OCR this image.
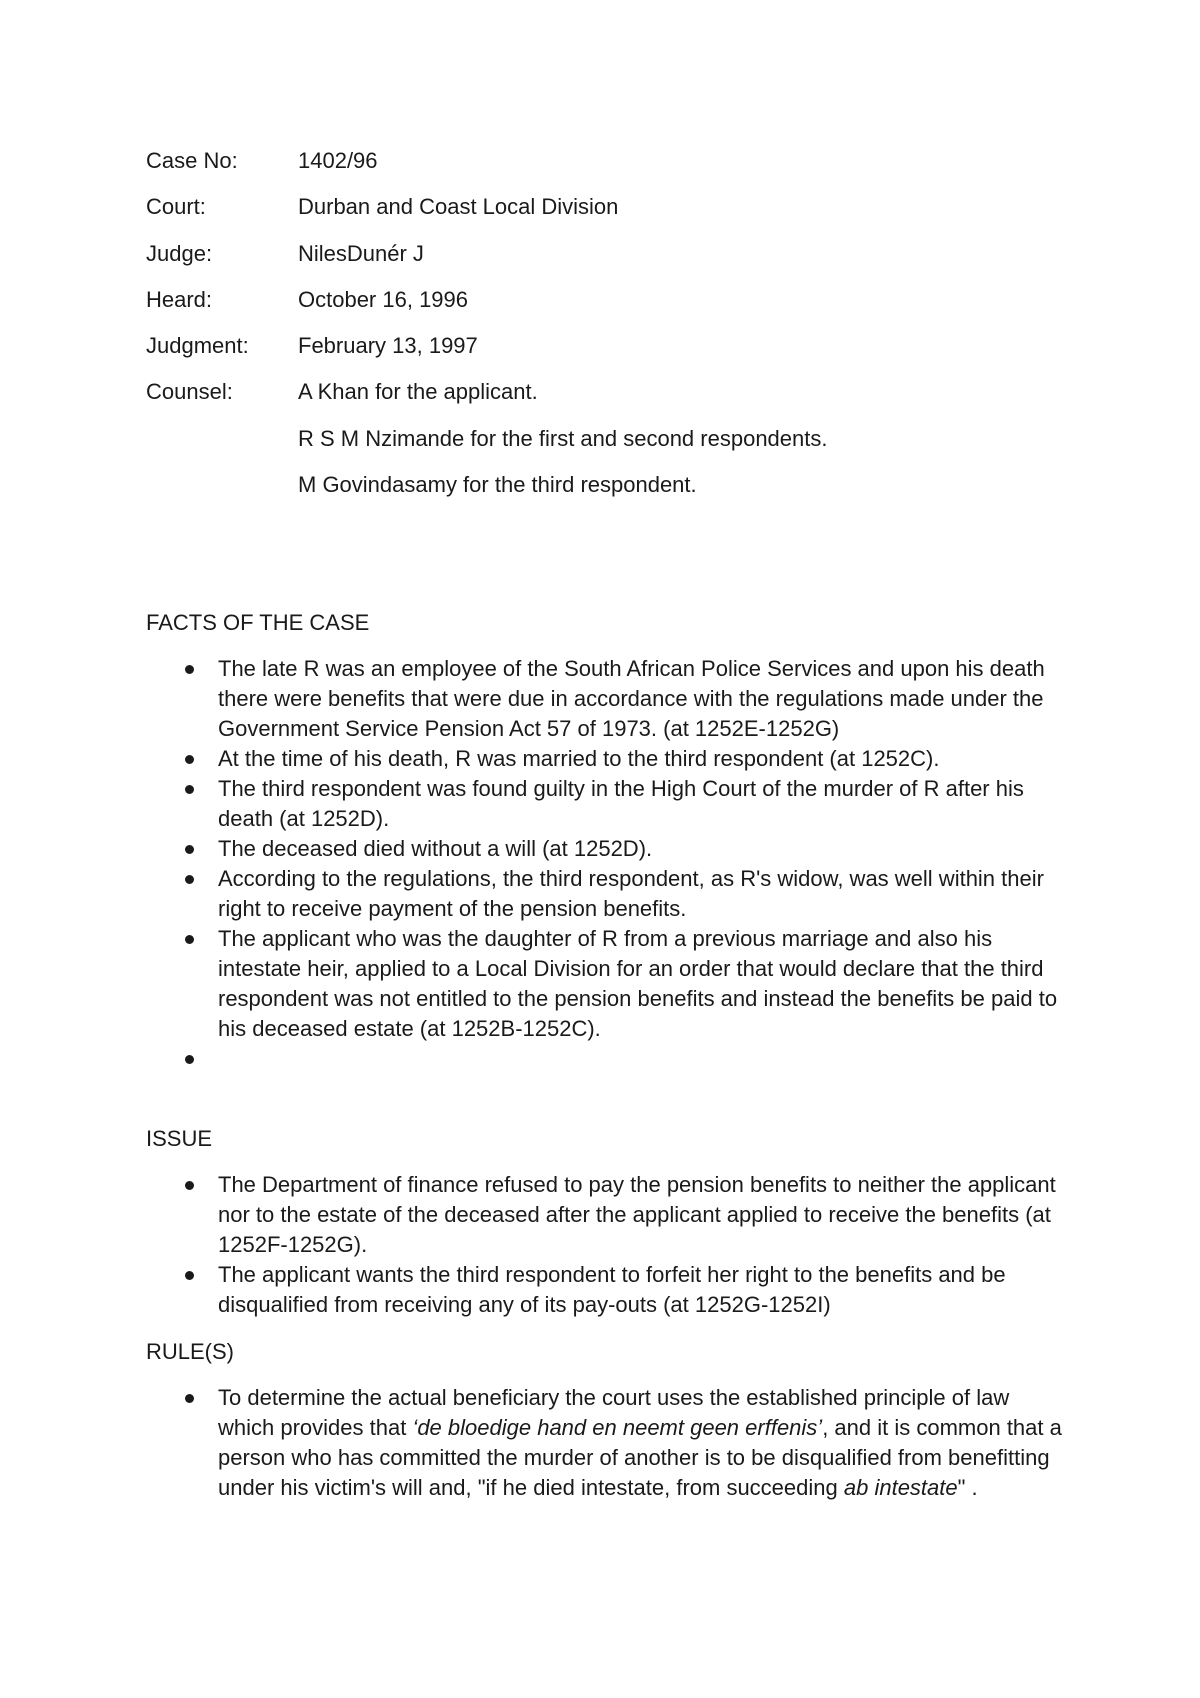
Case No:	1402/96
Court:	Durban and Coast Local Division
Judge:	NilesDunér J
Heard:	October 16, 1996
Judgment: February 13, 1997
Counsel:	A Khan for the applicant.
R S M Nzimande for the first and second respondents.
M Govindasamy for the third respondent.
FACTS OF THE CASE
The late R was an employee of the South African Police Services and upon his death there were benefits that were due in accordance with the regulations made under the Government Service Pension Act 57 of 1973. (at 1252E-1252G)
At the time of his death, R was married to the third respondent (at 1252C).
The third respondent was found guilty in the High Court of the murder of R after his death (at 1252D).
The deceased died without a will (at 1252D).
According to the regulations, the third respondent, as R's widow, was well within their right to receive payment of the pension benefits.
The applicant who was the daughter of R from a previous marriage and also his intestate heir, applied to a Local Division for an order that would declare that the third respondent was not entitled to the pension benefits and instead the benefits be paid to his deceased estate (at 1252B-1252C).
ISSUE
The Department of finance refused to pay the pension benefits to neither the applicant nor to the estate of the deceased after the applicant applied to receive the benefits (at 1252F-1252G).
The applicant wants the third respondent to forfeit her right to the benefits and be disqualified from receiving any of its pay-outs (at 1252G-1252I)
RULE(S)
To determine the actual beneficiary the court uses the established principle of law which provides that ‘de bloedige hand en neemt geen erffenis’, and it is common that a person who has committed the murder of another is to be disqualified from benefitting under his victim's will and, "if he died intestate, from succeeding ab intestate" .
